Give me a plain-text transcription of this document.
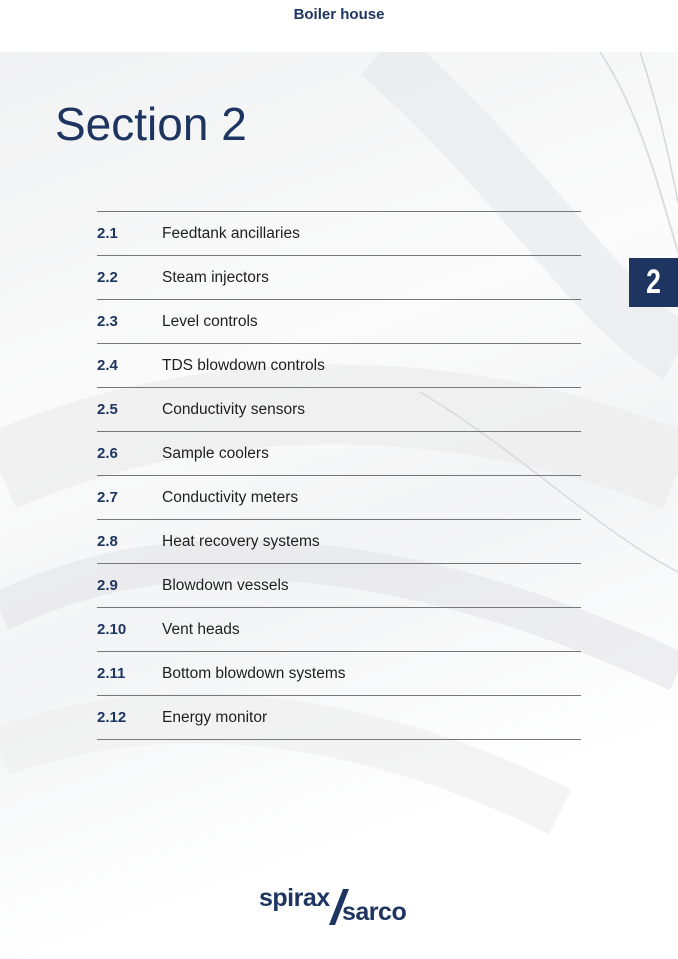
Boiler house
Section 2
2.1	Feedtank ancillaries
2.2	Steam injectors
2.3	Level controls
2.4	TDS blowdown controls
2.5	Conductivity sensors
2.6	Sample coolers
2.7	Conductivity meters
2.8	Heat recovery systems
2.9	Blowdown vessels
2.10	Vent heads
2.11	Bottom blowdown systems
2.12	Energy monitor
2
spirax sarco
